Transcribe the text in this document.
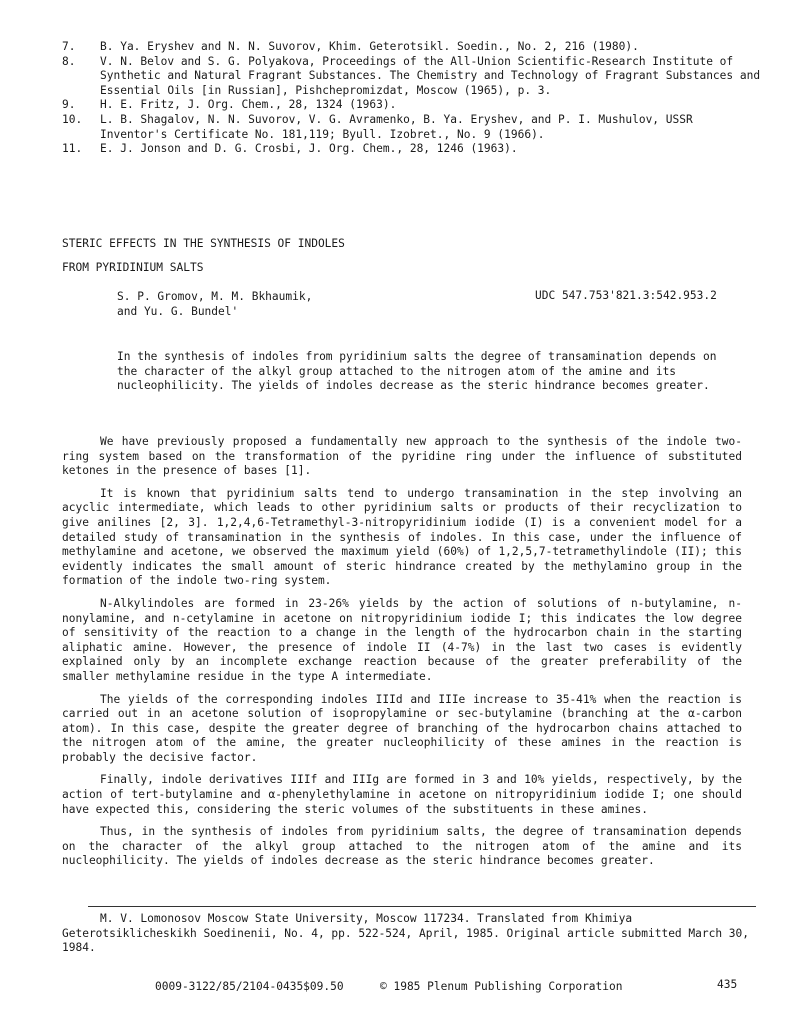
7.	B. Ya. Eryshev and N. N. Suvorov, Khim. Geterotsikl. Soedin., No. 2, 216 (1980).
8.	V. N. Belov and S. G. Polyakova, Proceedings of the All-Union Scientific-Research Institute of Synthetic and Natural Fragrant Substances. The Chemistry and Technology of Fragrant Substances and Essential Oils [in Russian], Pishchepromizdat, Moscow (1965), p. 3.
9.	H. E. Fritz, J. Org. Chem., 28, 1324 (1963).
10.	L. B. Shagalov, N. N. Suvorov, V. G. Avramenko, B. Ya. Eryshev, and P. I. Mushulov, USSR Inventor's Certificate No. 181,119; Byull. Izobret., No. 9 (1966).
11.	E. J. Jonson and D. G. Crosbi, J. Org. Chem., 28, 1246 (1963).
STERIC EFFECTS IN THE SYNTHESIS OF INDOLES
FROM PYRIDINIUM SALTS
S. P. Gromov, M. M. Bkhaumik,
and Yu. G. Bundel'
UDC 547.753'821.3:542.953.2
In the synthesis of indoles from pyridinium salts the degree of transamination depends on the character of the alkyl group attached to the nitrogen atom of the amine and its nucleophilicity. The yields of indoles decrease as the steric hindrance becomes greater.

We have previously proposed a fundamentally new approach to the synthesis of the indole two-ring system based on the transformation of the pyridine ring under the influence of substituted ketones in the presence of bases [1].

It is known that pyridinium salts tend to undergo transamination in the step involving an acyclic intermediate, which leads to other pyridinium salts or products of their recyclization to give anilines [2, 3]. 1,2,4,6-Tetramethyl-3-nitropyridinium iodide (I) is a convenient model for a detailed study of transamination in the synthesis of indoles. In this case, under the influence of methylamine and acetone, we observed the maximum yield (60%) of 1,2,5,7-tetramethylindole (II); this evidently indicates the small amount of steric hindrance created by the methylamino group in the formation of the indole two-ring system.

N-Alkylindoles are formed in 23-26% yields by the action of solutions of n-butylamine, n-nonylamine, and n-cetylamine in acetone on nitropyridinium iodide I; this indicates the low degree of sensitivity of the reaction to a change in the length of the hydrocarbon chain in the starting aliphatic amine. However, the presence of indole II (4-7%) in the last two cases is evidently explained only by an incomplete exchange reaction because of the greater preferability of the smaller methylamine residue in the type A intermediate.

The yields of the corresponding indoles IIId and IIIe increase to 35-41% when the reaction is carried out in an acetone solution of isopropylamine or sec-butylamine (branching at the α-carbon atom). In this case, despite the greater degree of branching of the hydrocarbon chains attached to the nitrogen atom of the amine, the greater nucleophilicity of these amines in the reaction is probably the decisive factor.

Finally, indole derivatives IIIf and IIIg are formed in 3 and 10% yields, respectively, by the action of tert-butylamine and α-phenylethylamine in acetone on nitropyridinium iodide I; one should have expected this, considering the steric volumes of the substituents in these amines.

Thus, in the synthesis of indoles from pyridinium salts, the degree of transamination depends on the character of the alkyl group attached to the nitrogen atom of the amine and its nucleophilicity. The yields of indoles decrease as the steric hindrance becomes greater.

M. V. Lomonosov Moscow State University, Moscow 117234. Translated from Khimiya Geterotsiklicheskikh Soedinenii, No. 4, pp. 522-524, April, 1985. Original article submitted March 30, 1984.
0009-3122/85/2104-0435$09.50	© 1985 Plenum Publishing Corporation	435
